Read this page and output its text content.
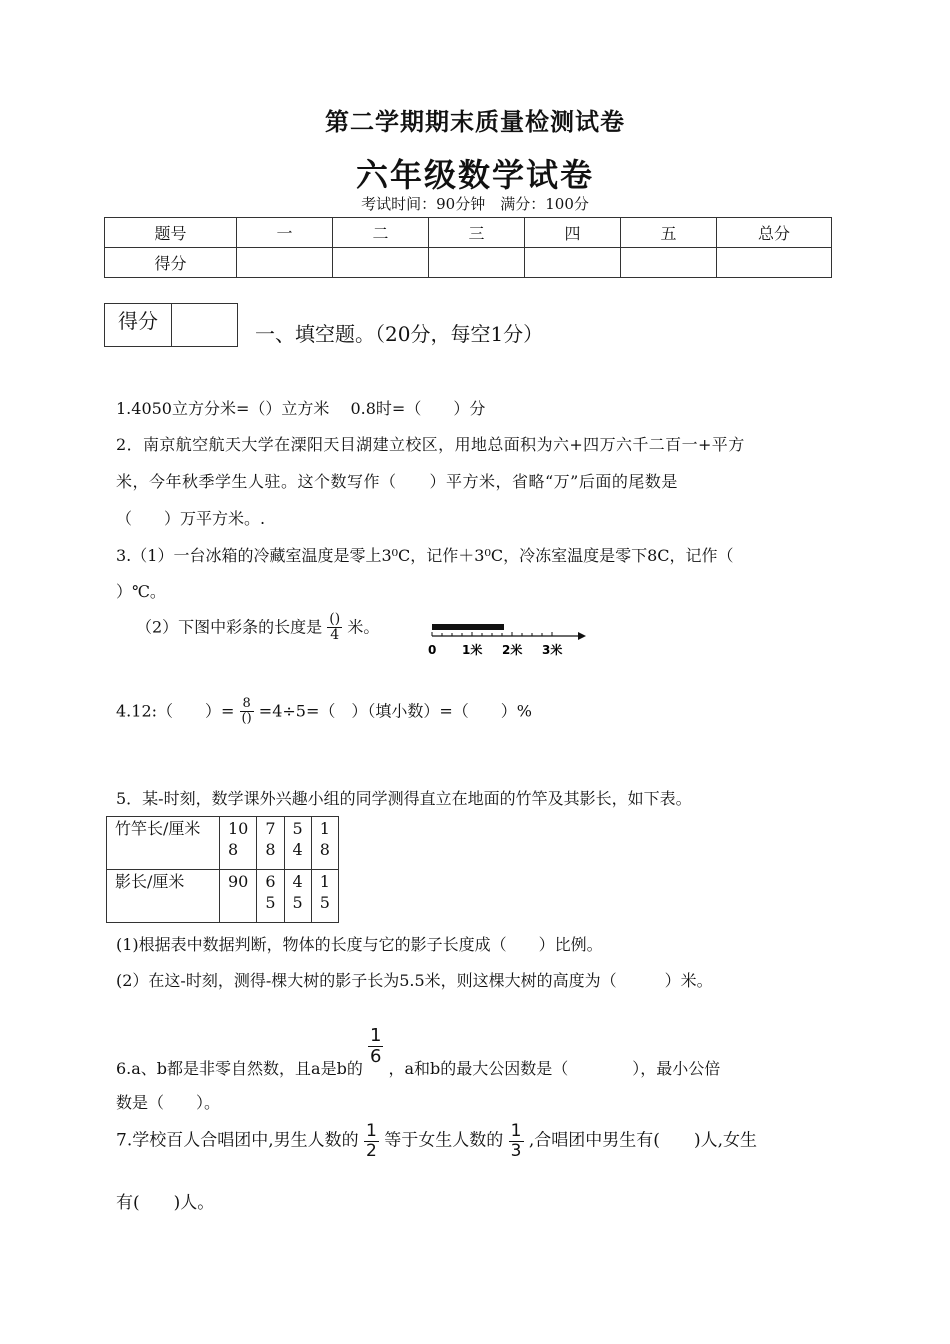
第二学期期末质量检测试卷
六年级数学试卷
考试时间：90分钟　满分：100分
题号	一	二	三	四	五	总分
得分						
得分
一、填空题。（20分，每空1分）
1.4050立方分米=（）立方米　 0.8时=（　　）分
2．南京航空航天大学在溧阳天目湖建立校区，用地总面积为六+四万六千二百一+平方
米，今年秋季学生人驻。这个数写作（　　）平方米，省略“万”后面的尾数是
（　　）万平方米。.
3.（1）一台冰箱的冷藏室温度是零上3⁰C，记作＋3⁰C，冷冻室温度是零下8C，记作（
）℃。
（2）下图中彩条的长度是 $\frac{()}{4}$ 米。
0 1米 2米 3米
4.12:（　　）= $\frac{8}{()} =4\div 5=$（　）（填小数）=（　　）%
5．某-时刻，数学课外兴趣小组的同学测得直立在地面的竹竿及其影长，如下表。
竹竿长/厘米	10 8	7 8	5 4	1 8
影长/厘米	90	6 5	4 5	1 5
(1)根据表中数据判断，物体的长度与它的影子长度成（　　）比例。
(2）在这-时刻，测得-棵大树的影子长为5.5米，则这棵大树的高度为（　　　）米。
6.a、b都是非零自然数，且a是b的
$\frac{1}{6}$
，a和b的最大公因数是（　　　　），最小公倍
数是（　　）。
7.学校百人合唱团中,男生人数的 $\frac{1}{2}$ 等于女生人数的 $\frac{1}{3}$ ,合唱团中男生有(　　)人,女生
有(　　)人。
